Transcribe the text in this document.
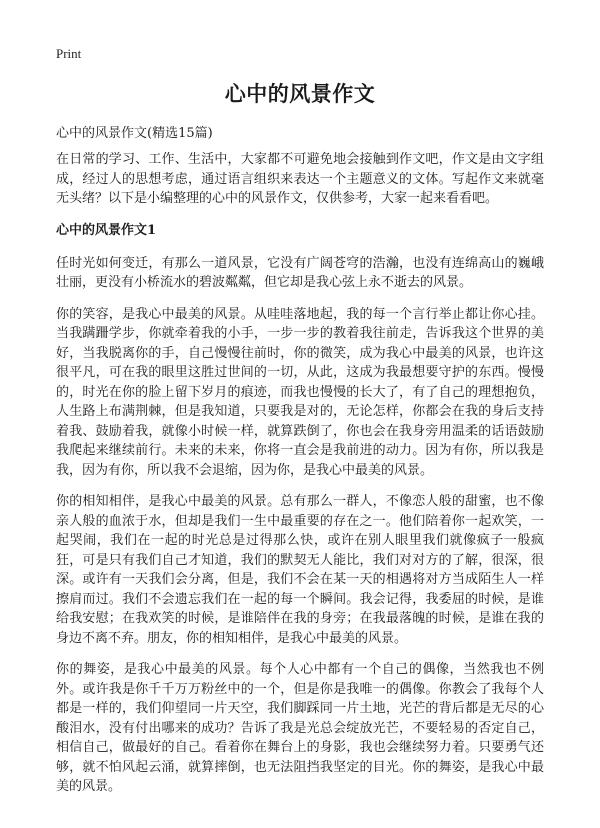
Print
心中的风景作文
心中的风景作文(精选15篇)

在日常的学习、工作、生活中，大家都不可避免地会接触到作文吧，作文是由文字组成，经过人的思想考虑，通过语言组织来表达一个主题意义的文体。写起作文来就毫无头绪？以下是小编整理的心中的风景作文，仅供参考，大家一起来看看吧。

心中的风景作文1

任时光如何变迁，有那么一道风景，它没有广阔苍穹的浩瀚，也没有连绵高山的巍峨壮丽，更没有小桥流水的碧波粼粼，但它却是我心弦上永不逝去的风景。

你的笑容，是我心中最美的风景。从哇哇落地起，我的每一个言行举止都让你心挂。当我蹒跚学步，你就牵着我的小手，一步一步的教着我往前走，告诉我这个世界的美好，当我脱离你的手，自己慢慢往前时，你的微笑，成为我心中最美的风景，也许这很平凡，可在我的眼里这胜过世间的一切，从此，这成为我最想要守护的东西。慢慢的，时光在你的脸上留下岁月的痕迹，而我也慢慢的长大了，有了自己的理想抱负，人生路上布满荆棘，但是我知道，只要我是对的，无论怎样，你都会在我的身后支持着我、鼓励着我，就像小时候一样，就算跌倒了，你也会在我身旁用温柔的话语鼓励我爬起来继续前行。未来的未来，你将一直会是我前进的动力。因为有你，所以我是我，因为有你，所以我不会退缩，因为你，是我心中最美的风景。

你的相知相伴，是我心中最美的风景。总有那么一群人，不像恋人般的甜蜜，也不像亲人般的血浓于水，但却是我们一生中最重要的存在之一。他们陪着你一起欢笑，一起哭闹，我们在一起的时光总是过得那么快，或许在别人眼里我们就像疯子一般疯狂，可是只有我们自己才知道，我们的默契无人能比，我们对对方的了解，很深，很深。或许有一天我们会分离，但是，我们不会在某一天的相遇将对方当成陌生人一样擦肩而过。我们不会遗忘我们在一起的每一个瞬间。我会记得，我委屈的时候，是谁给我安慰；在我欢笑的时候，是谁陪伴在我的身旁；在我最落魄的时候，是谁在我的身边不离不弃。朋友，你的相知相伴，是我心中最美的风景。

你的舞姿，是我心中最美的风景。每个人心中都有一个自己的偶像，当然我也不例外。或许我是你千千万万粉丝中的一个，但是你是我唯一的偶像。你教会了我每个人都是一样的，我们仰望同一片天空，我们脚踩同一片土地，光芒的背后都是无尽的心酸泪水，没有付出哪来的成功？告诉了我是光总会绽放光芒，不要轻易的否定自己，相信自己，做最好的自己。看着你在舞台上的身影，我也会继续努力着。只要勇气还够，就不怕风起云涌，就算摔倒，也无法阻挡我坚定的目光。你的舞姿，是我心中最美的风景。
